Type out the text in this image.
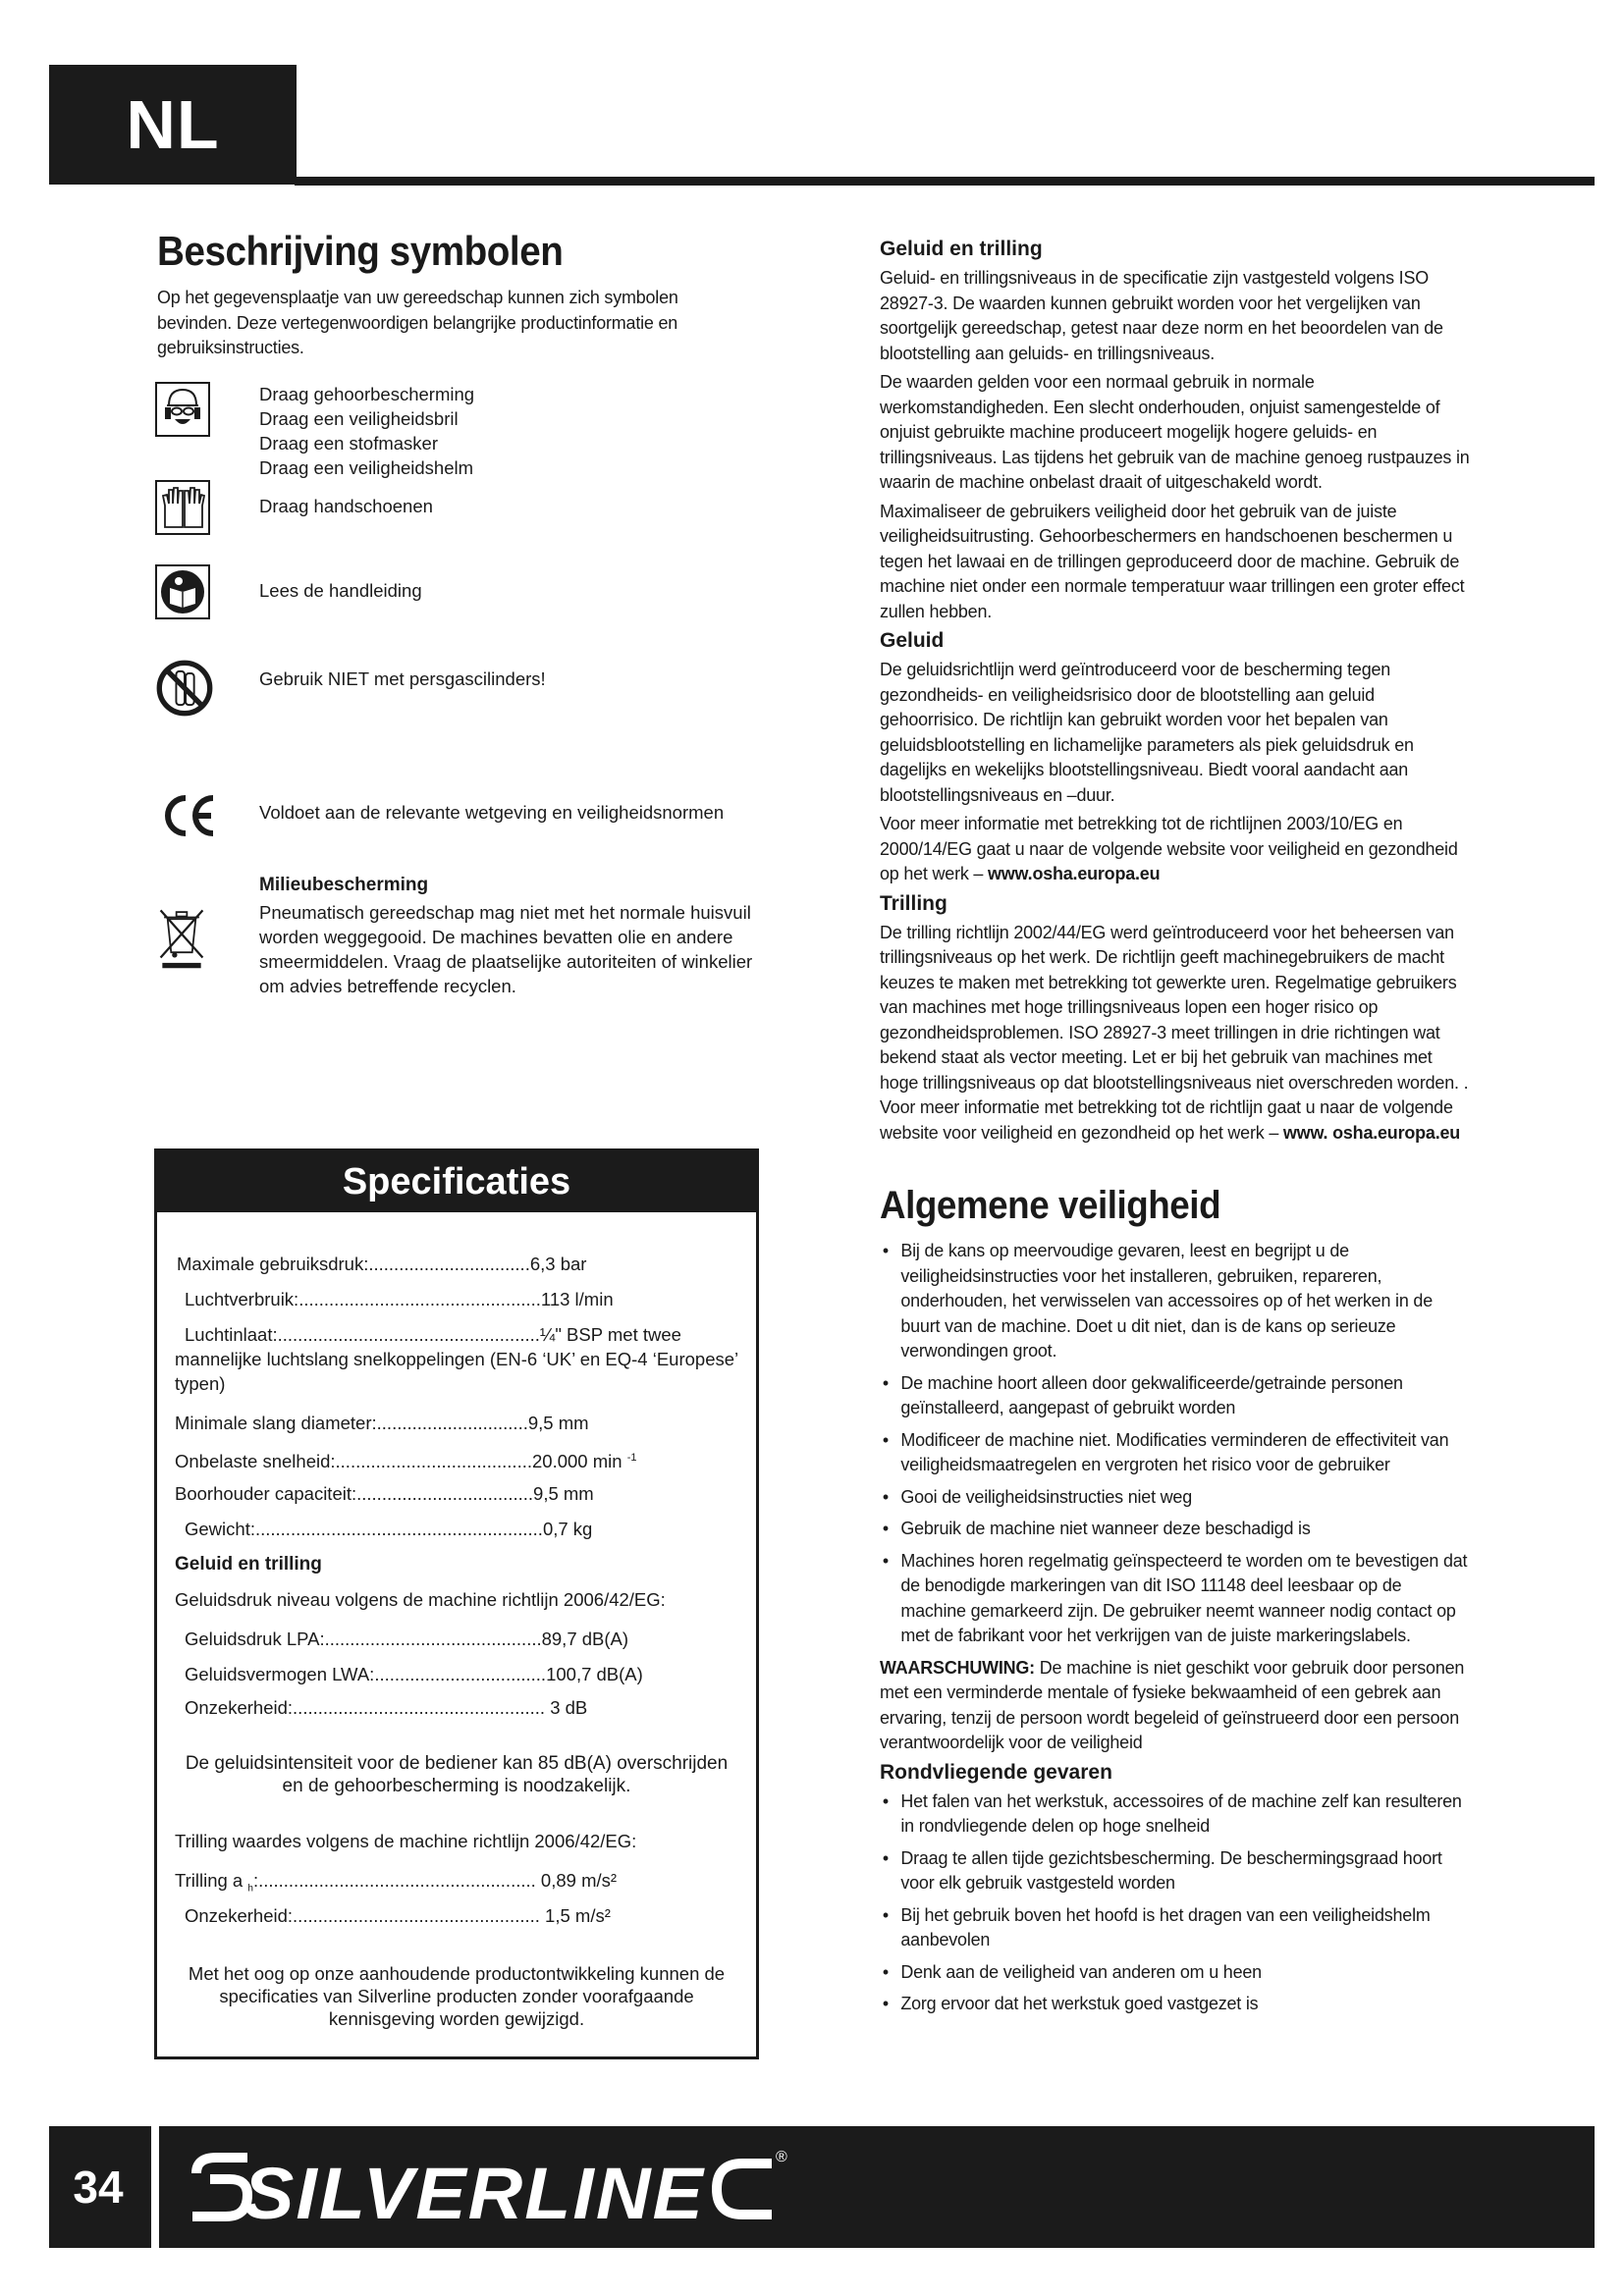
NL
Beschrijving symbolen

Op het gegevensplaatje van uw gereedschap kunnen zich symbolen bevinden. Deze vertegenwoordigen belangrijke productinformatie en gebruiksinstructies.

Draag gehoorbescherming
Draag een veiligheidsbril
Draag een stofmasker
Draag een veiligheidshelm
Draag handschoenen
Lees de handleiding
Gebruik NIET met persgascilinders!
Voldoet aan de relevante wetgeving en veiligheidsnormen
Milieubescherming
Pneumatisch gereedschap mag niet met het normale huisvuil worden weggegooid. De machines bevatten olie en andere smeermiddelen. Vraag de plaatselijke autoriteiten of winkelier om advies betreffende recyclen.
Specificaties
Maximale gebruiksdruk:................................6,3 bar
Luchtverbruik:................................................113 l/min
Luchtinlaat:....................................................¼" BSP met twee
mannelijke luchtslang snelkoppelingen (EN-6 ‘UK’ en EQ-4 ‘Europese’ typen)
Minimale slang diameter:..............................9,5 mm
Onbelaste snelheid:.......................................20.000 min $^{-1}$
Boorhouder capaciteit:...................................9,5 mm
Gewicht:.........................................................0,7 kg
Geluid en trilling
Geluidsdruk niveau volgens de machine richtlijn 2006/42/EG:
Geluidsdruk LPA:...........................................89,7 dB(A)
Geluidsvermogen LWA:..................................100,7 dB(A)
Onzekerheid:.................................................. 3 dB
De geluidsintensiteit voor de bediener kan 85 dB(A) overschrijden en de gehoorbescherming is noodzakelijk.
Trilling waardes volgens de machine richtlijn 2006/42/EG:
Trilling a $_h$:....................................................... 0,89 m/s²
Onzekerheid:................................................. 1,5 m/s²
Met het oog op onze aanhoudende productontwikkeling kunnen de specificaties van Silverline producten zonder voorafgaande kennisgeving worden gewijzigd.
Geluid en trilling

Geluid- en trillingsniveaus in de specificatie zijn vastgesteld volgens ISO 28927-3. De waarden kunnen gebruikt worden voor het vergelijken van soortgelijk gereedschap, getest naar deze norm en het beoordelen van de blootstelling aan geluids- en trillingsniveaus.

De waarden gelden voor een normaal gebruik in normale werkomstandigheden. Een slecht onderhouden, onjuist samengestelde of onjuist gebruikte machine produceert mogelijk hogere geluids- en trillingsniveaus. Las tijdens het gebruik van de machine genoeg rustpauzes in waarin de machine onbelast draait of uitgeschakeld wordt.

Maximaliseer de gebruikers veiligheid door het gebruik van de juiste veiligheidsuitrusting. Gehoorbeschermers en handschoenen beschermen u tegen het lawaai en de trillingen geproduceerd door de machine. Gebruik de machine niet onder een normale temperatuur waar trillingen een groter effect zullen hebben.

Geluid

De geluidsrichtlijn werd geïntroduceerd voor de bescherming tegen gezondheids- en veiligheidsrisico door de blootstelling aan geluid gehoorrisico. De richtlijn kan gebruikt worden voor het bepalen van geluidsblootstelling en lichamelijke parameters als piek geluidsdruk en dagelijks en wekelijks blootstellingsniveau. Biedt vooral aandacht aan blootstellingsniveaus en –duur.

Voor meer informatie met betrekking tot de richtlijnen 2003/10/EG en 2000/14/EG gaat u naar de volgende website voor veiligheid en gezondheid op het werk – www.osha.europa.eu

Trilling

De trilling richtlijn 2002/44/EG werd geïntroduceerd voor het beheersen van trillingsniveaus op het werk. De richtlijn geeft machinegebruikers de macht keuzes te maken met betrekking tot gewerkte uren. Regelmatige gebruikers van machines met hoge trillingsniveaus lopen een hoger risico op gezondheidsproblemen. ISO 28927-3 meet trillingen in drie richtingen wat bekend staat als vector meeting. Let er bij het gebruik van machines met hoge trillingsniveaus op dat blootstellingsniveaus niet overschreden worden. . Voor meer informatie met betrekking tot de richtlijn gaat u naar de volgende website voor veiligheid en gezondheid op het werk – www. osha.europa.eu

Algemene veiligheid
• Bij de kans op meervoudige gevaren, leest en begrijpt u de veiligheidsinstructies voor het installeren, gebruiken, repareren, onderhouden, het verwisselen van accessoires op of het werken in de buurt van de machine. Doet u dit niet, dan is de kans op serieuze verwondingen groot.
• De machine hoort alleen door gekwalificeerde/getrainde personen geïnstalleerd, aangepast of gebruikt worden
• Modificeer de machine niet. Modificaties verminderen de effectiviteit van veiligheidsmaatregelen en vergroten het risico voor de gebruiker
• Gooi de veiligheidsinstructies niet weg
• Gebruik de machine niet wanneer deze beschadigd is
• Machines horen regelmatig geïnspecteerd te worden om te bevestigen dat de benodigde markeringen van dit ISO 11148 deel leesbaar op de machine gemarkeerd zijn. De gebruiker neemt wanneer nodig contact op met de fabrikant voor het verkrijgen van de juiste markeringslabels.

WAARSCHUWING: De machine is niet geschikt voor gebruik door personen met een verminderde mentale of fysieke bekwaamheid of een gebrek aan ervaring, tenzij de persoon wordt begeleid of geïnstrueerd door een persoon verantwoordelijk voor de veiligheid

Rondvliegende gevaren
• Het falen van het werkstuk, accessoires of de machine zelf kan resulteren in rondvliegende delen op hoge snelheid
• Draag te allen tijde gezichtsbescherming. De beschermingsgraad hoort voor elk gebruik vastgesteld worden
• Bij het gebruik boven het hoofd is het dragen van een veiligheidshelm aanbevolen
• Denk aan de veiligheid van anderen om u heen
• Zorg ervoor dat het werkstuk goed vastgezet is
34	SILVERLINE	®
